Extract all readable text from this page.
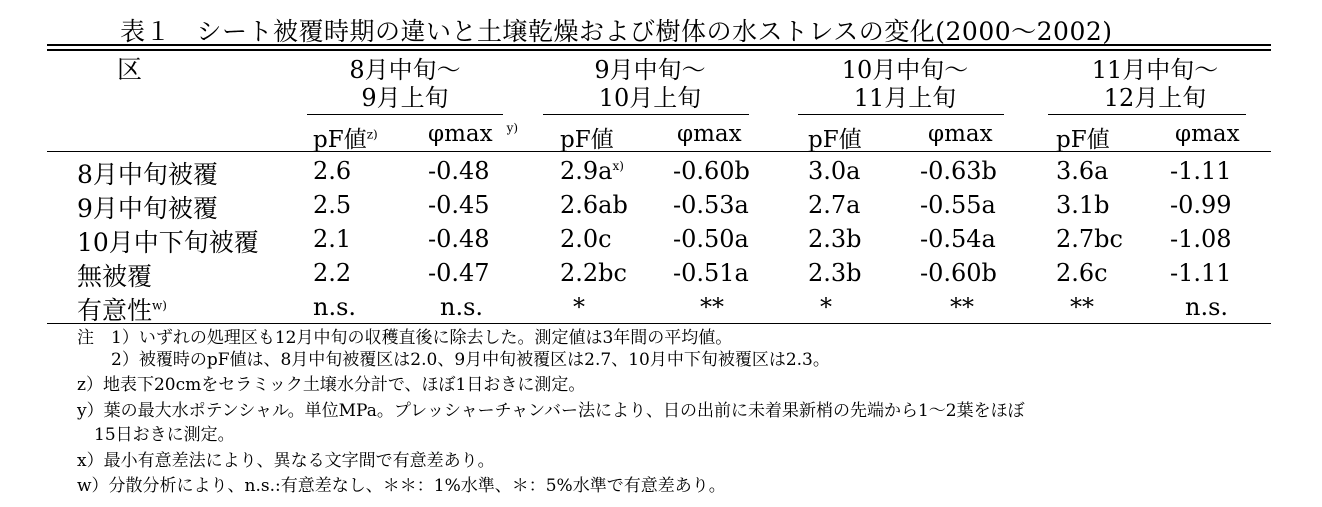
表１　シート被覆時期の違いと土壌乾燥および樹体の水ストレスの変化(2000～2002)
区	8月中旬～
9月上旬
9月中旬～
10月上旬
10月中旬～
11月上旬
11月中旬～
12月上旬
pF値$^{z)}$ φmax $^{y)}$ pF値	φmax	pF値	φmax	pF値	φmax
8月中旬被覆	2.6	-0.48	$2.9a^{x)}$ -0.60b 3.0a -0.63b 3.6a	-1.11
9月中旬被覆	2.5	-0.45	2.6ab -0.53a 2.7a -0.55a	3.1b	-0.99
10月中下旬被覆 2.1	-0.48	2.0c	-0.50a 2.3b -0.54a	2.7bc -1.08
無被覆	2.2	-0.47	2.2bc -0.51a 2.3b -0.60b 2.6c	-1.11
有意性$^{w)}$	n.s.	n.s.	*	**	*	**	**	n.s.
注　1）いずれの処理区も12月中旬の収穫直後に除去した。測定値は3年間の平均値。
　　2）被覆時のpF値は、8月中旬被覆区は2.0、9月中旬被覆区は2.7、10月中下旬被覆区は2.3。
z）地表下20cmをセラミック土壌水分計で、ほぼ1日おきに測定。
y）葉の最大水ポテンシャル。単位MPa。プレッシャーチャンバー法により、日の出前に未着果新梢の先端から1～2葉をほぼ
　15日おきに測定。
x）最小有意差法により、異なる文字間で有意差あり。
w）分散分析により、n.s.:有意差なし、＊＊：1%水準、＊：5%水準で有意差あり。
